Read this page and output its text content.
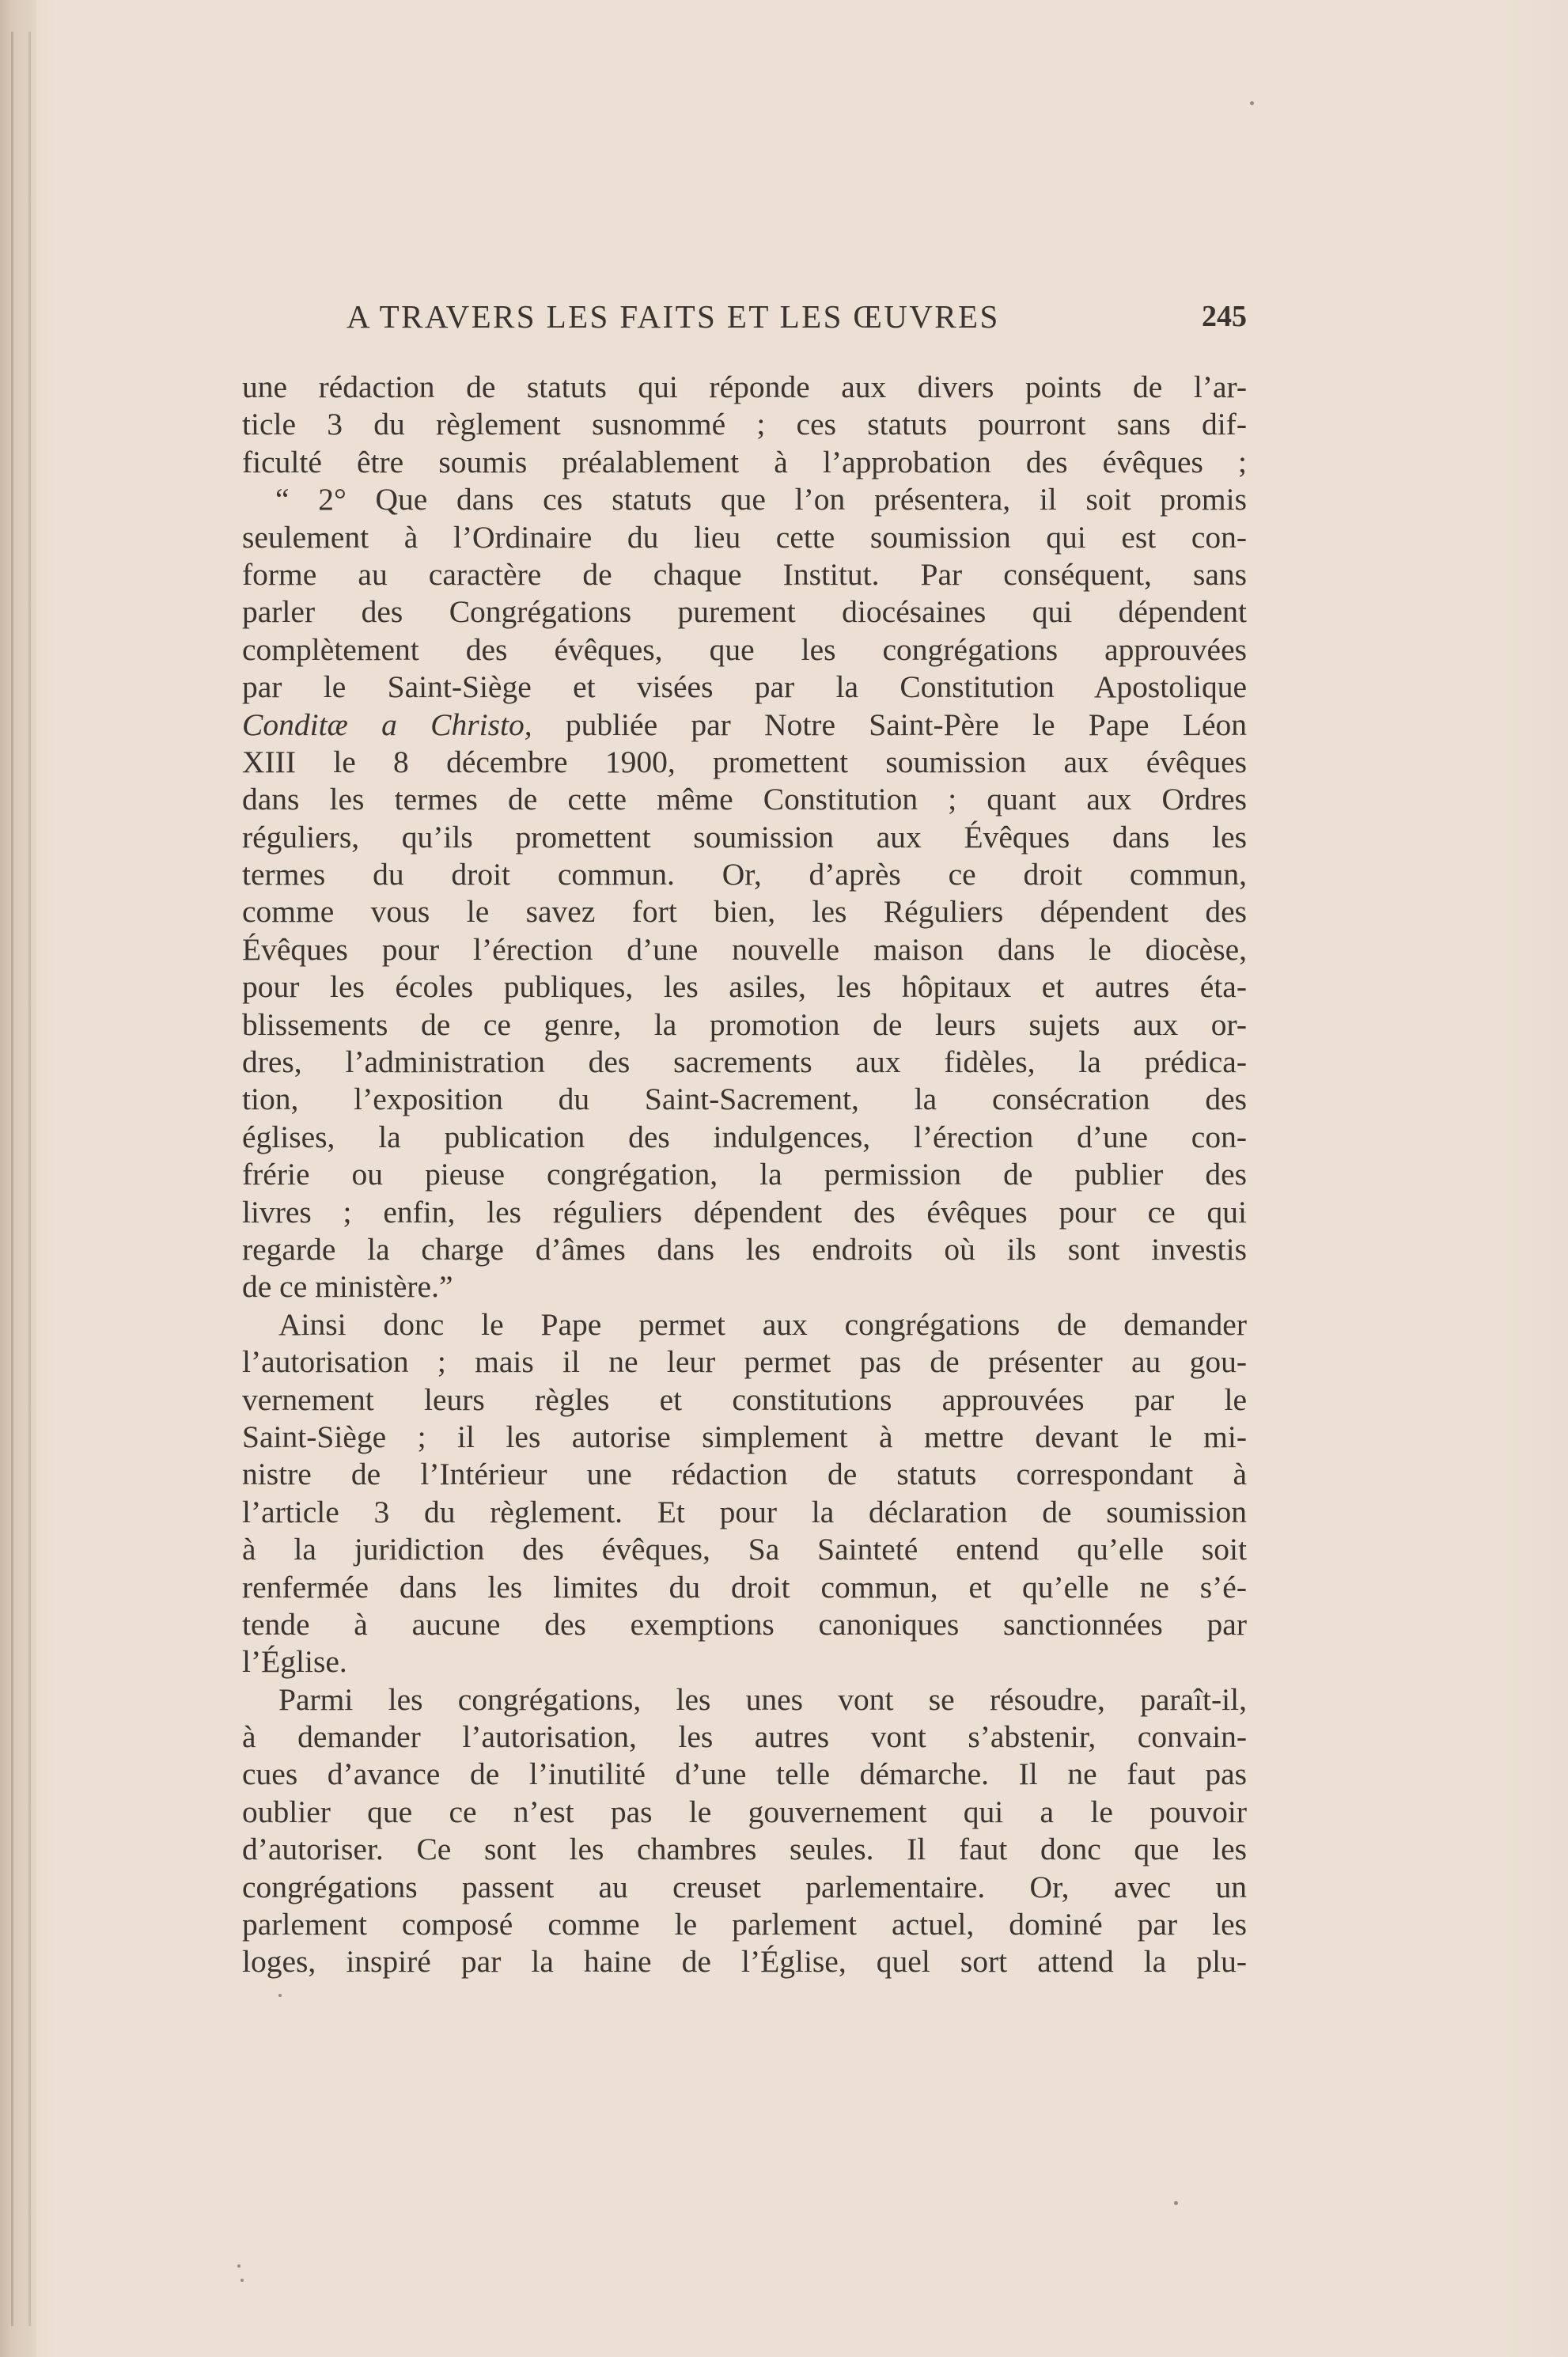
A TRAVERS LES FAITS ET LES ŒUVRES	245
une rédaction de statuts qui réponde aux divers points de l’ar-
ticle 3 du règlement susnommé ; ces statuts pourront sans dif-
ficulté être soumis préalablement à l’approbation des évêques ;
“ 2° Que dans ces statuts que l’on présentera, il soit promis
seulement à l’Ordinaire du lieu cette soumission qui est con-
forme au caractère de chaque Institut. Par conséquent, sans
parler des Congrégations purement diocésaines qui dépendent
complètement des évêques, que les congrégations approuvées
par le Saint-Siège et visées par la Constitution Apostolique
Conditæ a Christo, publiée par Notre Saint-Père le Pape Léon
XIII le 8 décembre 1900, promettent soumission aux évêques
dans les termes de cette même Constitution ; quant aux Ordres
réguliers, qu’ils promettent soumission aux Évêques dans les
termes du droit commun. Or, d’après ce droit commun,
comme vous le savez fort bien, les Réguliers dépendent des
Évêques pour l’érection d’une nouvelle maison dans le diocèse,
pour les écoles publiques, les asiles, les hôpitaux et autres éta-
blissements de ce genre, la promotion de leurs sujets aux or-
dres, l’administration des sacrements aux fidèles, la prédica-
tion, l’exposition du Saint-Sacrement, la consécration des
églises, la publication des indulgences, l’érection d’une con-
frérie ou pieuse congrégation, la permission de publier des
livres ; enfin, les réguliers dépendent des évêques pour ce qui
regarde la charge d’âmes dans les endroits où ils sont investis
de ce ministère.”
Ainsi donc le Pape permet aux congrégations de demander
l’autorisation ; mais il ne leur permet pas de présenter au gou-
vernement leurs règles et constitutions approuvées par le
Saint-Siège ; il les autorise simplement à mettre devant le mi-
nistre de l’Intérieur une rédaction de statuts correspondant à
l’article 3 du règlement. Et pour la déclaration de soumission
à la juridiction des évêques, Sa Sainteté entend qu’elle soit
renfermée dans les limites du droit commun, et qu’elle ne s’é-
tende à aucune des exemptions canoniques sanctionnées par
l’Église.
Parmi les congrégations, les unes vont se résoudre, paraît-il,
à demander l’autorisation, les autres vont s’abstenir, convain-
cues d’avance de l’inutilité d’une telle démarche. Il ne faut pas
oublier que ce n’est pas le gouvernement qui a le pouvoir
d’autoriser. Ce sont les chambres seules. Il faut donc que les
congrégations passent au creuset parlementaire. Or, avec un
parlement composé comme le parlement actuel, dominé par les
loges, inspiré par la haine de l’Église, quel sort attend la plu-
